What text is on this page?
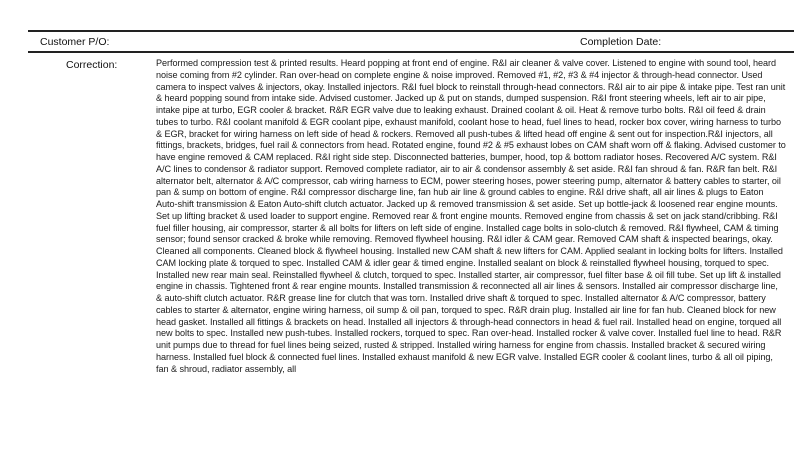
Customer P/O:	Completion Date:
Correction:	Performed compression test & printed results. Heard popping at front end of engine. R&I air cleaner & valve cover. Listened to engine with sound tool, heard noise coming from #2 cylinder. Ran over-head on complete engine & noise improved. Removed #1, #2, #3 & #4 injector & through-head connector. Used camera to inspect valves & injectors, okay. Installed injectors. R&I fuel block to reinstall through-head connectors. R&I air to air pipe & intake pipe. Test ran unit & heard popping sound from intake side. Advised customer. Jacked up & put on stands, dumped suspension. R&I front steering wheels, left air to air pipe, intake pipe at turbo, EGR cooler & bracket. R&R EGR valve due to leaking exhaust. Drained coolant & oil. Heat & remove turbo bolts. R&I oil feed & drain tubes to turbo. R&I coolant manifold & EGR coolant pipe, exhaust manifold, coolant hose to head, fuel lines to head, rocker box cover, wiring harness to turbo & EGR, bracket for wiring harness on left side of head & rockers. Removed all push-tubes & lifted head off engine & sent out for inspection.R&I injectors, all fittings, brackets, bridges, fuel rail & connectors from head. Rotated engine, found #2 & #5 exhaust lobes on CAM shaft worn off & flaking. Advised customer to have engine removed & CAM replaced. R&I right side step. Disconnected batteries, bumper, hood, top & bottom radiator hoses. Recovered A/C system. R&I A/C lines to condensor & radiator support. Removed complete radiator, air to air & condensor assembly & set aside. R&I fan shroud & fan. R&R fan belt. R&I alternator belt, alternator & A/C compressor, cab wiring harness to ECM, power steering hoses, power steering pump, alternator & battery cables to starter, oil pan & sump on bottom of engine. R&I compressor discharge line, fan hub air line & ground cables to engine. R&I drive shaft, all air lines & plugs to Eaton Auto-shift transmission & Eaton Auto-shift clutch actuator. Jacked up & removed transmission & set aside. Set up bottle-jack & loosened rear engine mounts. Set up lifting bracket & used loader to support engine. Removed rear & front engine mounts. Removed engine from chassis & set on jack stand/cribbing. R&I fuel filler housing, air compressor, starter & all bolts for lifters on left side of engine. Installed cage bolts in solo-clutch & removed. R&I flywheel, CAM & timing sensor; found sensor cracked & broke while removing. Removed flywheel housing. R&I idler & CAM gear. Removed CAM shaft & inspected bearings, okay. Cleaned all components. Cleaned block & flywheel housing. Installed new CAM shaft & new lifters for CAM. Applied sealant in locking bolts for lifters. Installed CAM locking plate & torqued to spec. Installed CAM & idler gear & timed engine. Installed sealant on block & reinstalled flywheel housing, torqued to spec. Installed new rear main seal. Reinstalled flywheel & clutch, torqued to spec. Installed starter, air compressor, fuel filter base & oil fill tube. Set up lift & installed engine in chassis. Tightened front & rear engine mounts. Installed transmission & reconnected all air lines & sensors. Installed air compressor discharge line, & auto-shift clutch actuator. R&R grease line for clutch that was torn. Installed drive shaft & torqued to spec. Installed alternator & A/C compressor, battery cables to starter & alternator, engine wiring harness, oil sump & oil pan, torqued to spec. R&R drain plug. Installed air line for fan hub. Cleaned block for new head gasket. Installed all fittings & brackets on head. Installed all injectors & through-head connectors in head & fuel rail. Installed head on engine, torqued all new bolts to spec. Installed new push-tubes. Installed rockers, torqued to spec. Ran over-head. Installed rocker & valve cover. Installed fuel line to head. R&R unit pumps due to thread for fuel lines being seized, rusted & stripped. Installed wiring harness for engine from chassis. Installed bracket & secured wiring harness. Installed fuel block & connected fuel lines. Installed exhaust manifold & new EGR valve. Installed EGR cooler & coolant lines, turbo & all oil piping, fan & shroud, radiator assembly, all
